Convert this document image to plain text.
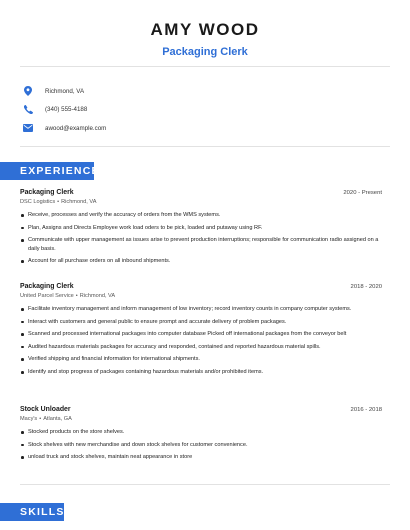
AMY WOOD
Packaging Clerk
Richmond, VA
(340) 555-4188
awood@example.com
EXPERIENCE
Packaging Clerk	2020 - Present
DSC Logistics • Richmond, VA
Receive, processes and verify the accuracy of orders from the WMS systems.
Plan, Assigns and Directs Employee work load oders to be pick, loaded and putaway using RF.
Communicate with upper management as issues arise to prevent production interruptions; responsible for communication radio assigned on a daily basis.
Account for all purchase orders on all inbound shipments.
Packaging Clerk	2018 - 2020
United Parcel Service • Richmond, VA
Facilitate inventory management and inform management of low inventory; record inventory counts in company computer systems.
Interact with customers and general public to ensure prompt and accurate delivery of problem packages.
Scanned and processed international packages into computer database Picked off international packages from the conveyor belt
Audited hazardous materials packages for accuracy and responded, contained and reported hazardous material spills.
Verified shipping and financial information for international shipments.
Identify and stop progress of packages containing hazardous materials and/or prohibited items.
Stock Unloader	2016 - 2018
Macy's • Atlanta, GA
Stocked products on the store shelves.
Stock shelves with new merchandise and down stock shelves for customer convenience.
unload truck and stock shelves, maintain neat appearance in store
SKILLS
